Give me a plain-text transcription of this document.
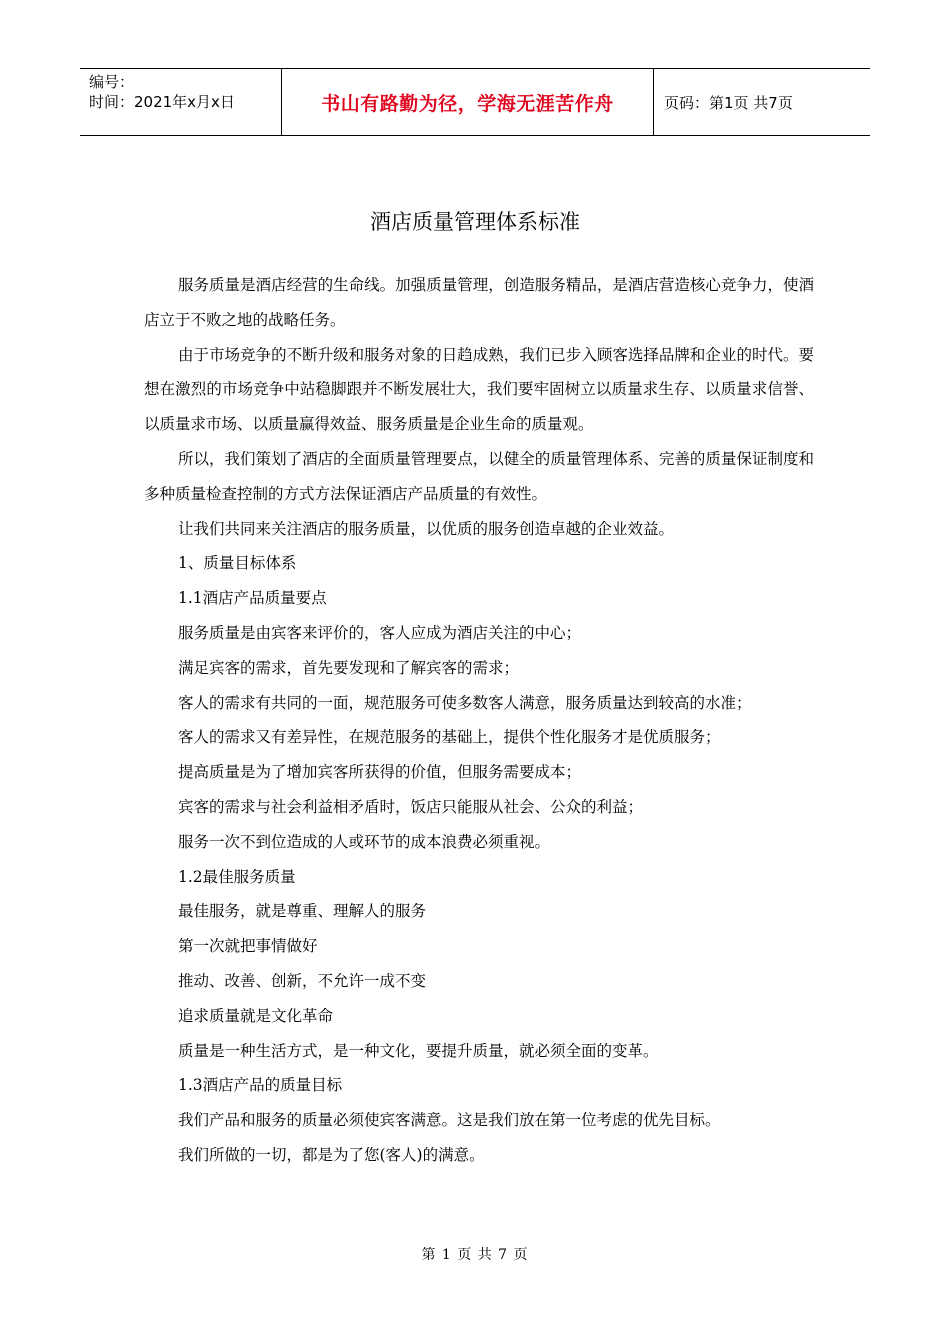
编号：
时间：2021年x月x日	书山有路勤为径，学海无涯苦作舟	页码：第1页 共7页
酒店质量管理体系标准
服务质量是酒店经营的生命线。加强质量管理，创造服务精品，是酒店营造核心竞争力，使酒店立于不败之地的战略任务。
由于市场竞争的不断升级和服务对象的日趋成熟，我们已步入顾客选择品牌和企业的时代。要想在激烈的市场竞争中站稳脚跟并不断发展壮大，我们要牢固树立以质量求生存、以质量求信誉、以质量求市场、以质量赢得效益、服务质量是企业生命的质量观。
所以，我们策划了酒店的全面质量管理要点，以健全的质量管理体系、完善的质量保证制度和多种质量检查控制的方式方法保证酒店产品质量的有效性。
让我们共同来关注酒店的服务质量，以优质的服务创造卓越的企业效益。
1、质量目标体系
1.1酒店产品质量要点
服务质量是由宾客来评价的，客人应成为酒店关注的中心；
满足宾客的需求，首先要发现和了解宾客的需求；
客人的需求有共同的一面，规范服务可使多数客人满意，服务质量达到较高的水准；
客人的需求又有差异性，在规范服务的基础上，提供个性化服务才是优质服务；
提高质量是为了增加宾客所获得的价值，但服务需要成本；
宾客的需求与社会利益相矛盾时，饭店只能服从社会、公众的利益；
服务一次不到位造成的人或环节的成本浪费必须重视。
1.2最佳服务质量
最佳服务，就是尊重、理解人的服务
第一次就把事情做好
推动、改善、创新，不允许一成不变
追求质量就是文化革命
质量是一种生活方式，是一种文化，要提升质量，就必须全面的变革。
1.3酒店产品的质量目标
我们产品和服务的质量必须使宾客满意。这是我们放在第一位考虑的优先目标。
我们所做的一切，都是为了您(客人)的满意。
第 1 页 共 7 页
